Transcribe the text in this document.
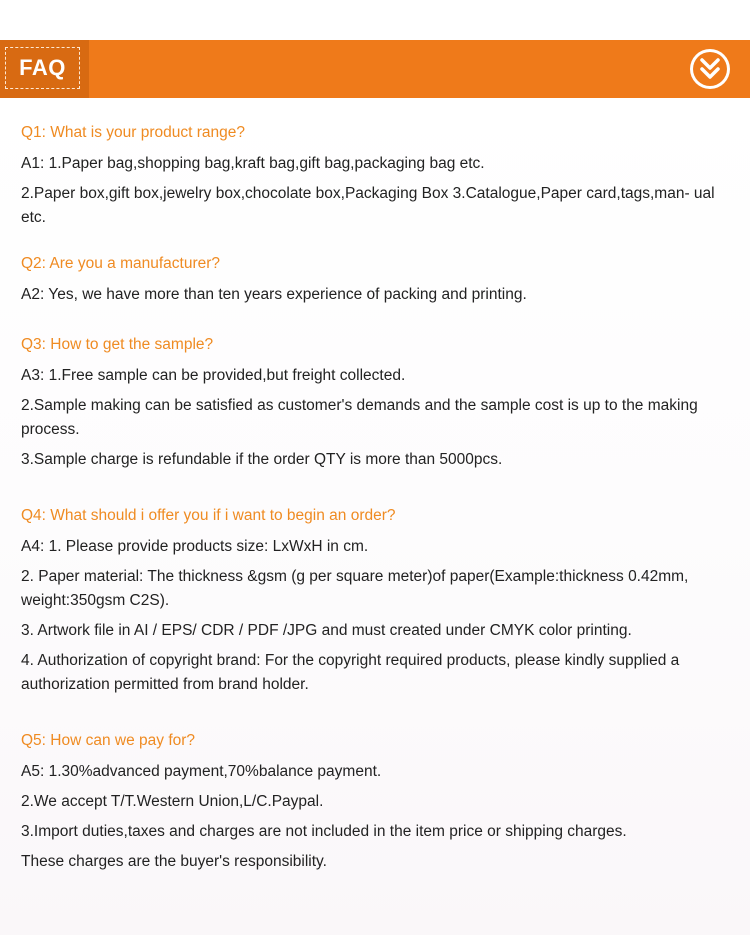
FAQ

Q1: What is your product range?

A1: 1.Paper bag,shopping bag,kraft bag,gift bag,packaging bag etc.

2.Paper box,gift box,jewelry box,chocolate box,Packaging Box 3.Catalogue,Paper card,tags,man- ual etc.

Q2: Are you a manufacturer?

A2: Yes, we have more than ten years experience of packing and printing.

Q3: How to get the sample?

A3: 1.Free sample can be provided,but freight collected.

2.Sample making can be satisfied as customer's demands and the sample cost is up to the making process.

3.Sample charge is refundable if the order QTY is more than 5000pcs.

Q4: What should i offer you if i want to begin an order?

A4: 1. Please provide products size: LxWxH in cm.

2. Paper material: The thickness &gsm (g per square meter)of paper(Example:thickness 0.42mm, weight:350gsm C2S).

3. Artwork file in AI / EPS/ CDR / PDF /JPG and must created under CMYK color printing.

4. Authorization of copyright brand: For the copyright required products, please kindly supplied a authorization permitted from brand holder.

Q5: How can we pay for?

A5: 1.30%advanced payment,70%balance payment.

2.We accept T/T.Western Union,L/C.Paypal.

3.Import duties,taxes and charges are not included in the item price or shipping charges.

These charges are the buyer's responsibility.
